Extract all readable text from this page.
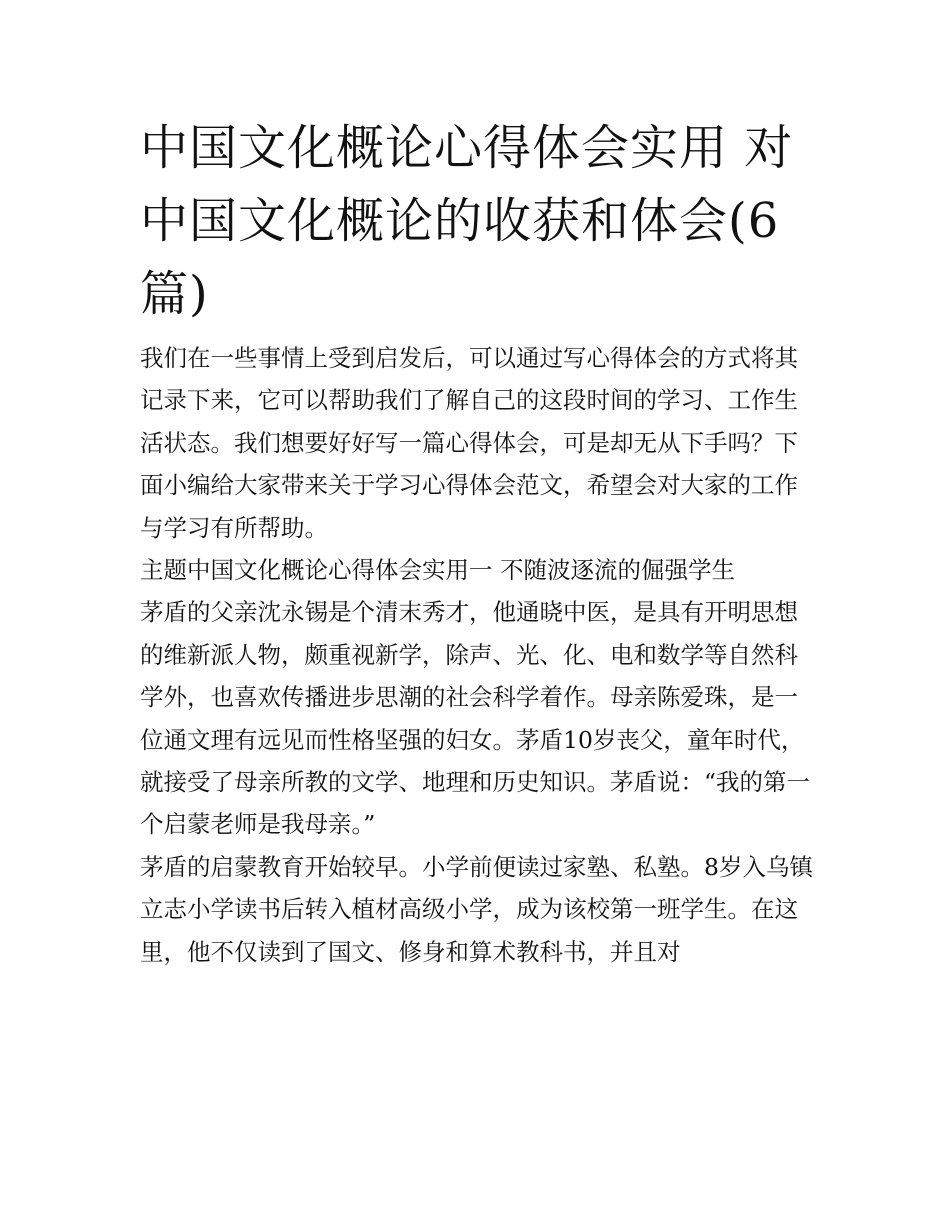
中国文化概论心得体会实用 对中国文化概论的收获和体会(6篇)

我们在一些事情上受到启发后，可以通过写心得体会的方式将其记录下来，它可以帮助我们了解自己的这段时间的学习、工作生活状态。我们想要好好写一篇心得体会，可是却无从下手吗？下面小编给大家带来关于学习心得体会范文，希望会对大家的工作与学习有所帮助。

主题中国文化概论心得体会实用一 不随波逐流的倔强学生

茅盾的父亲沈永锡是个清末秀才，他通晓中医，是具有开明思想的维新派人物，颇重视新学，除声、光、化、电和数学等自然科学外，也喜欢传播进步思潮的社会科学着作。母亲陈爱珠，是一位通文理有远见而性格坚强的妇女。茅盾10岁丧父，童年时代，就接受了母亲所教的文学、地理和历史知识。茅盾说：“我的第一个启蒙老师是我母亲。”

茅盾的启蒙教育开始较早。小学前便读过家塾、私塾。8岁入乌镇立志小学读书后转入植材高级小学，成为该校第一班学生。在这里，他不仅读到了国文、修身和算术教科书，并且对
